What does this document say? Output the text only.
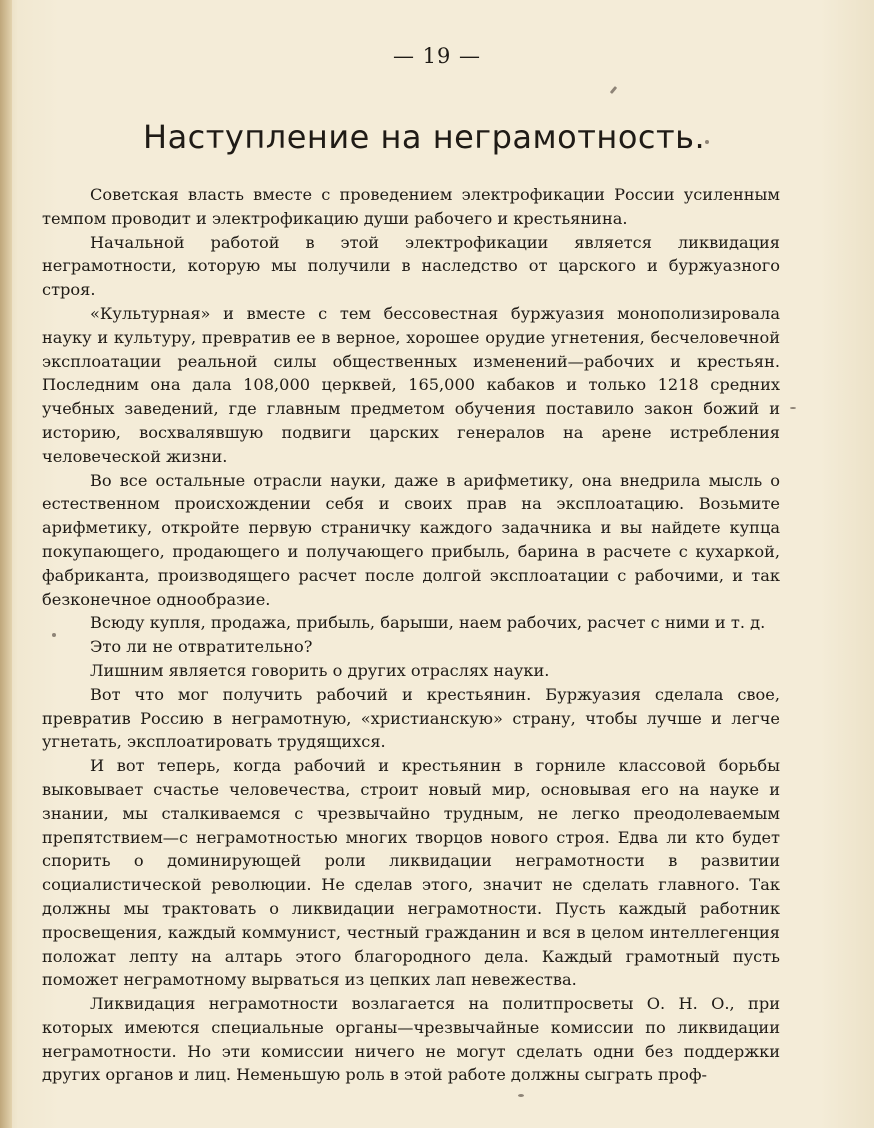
— 19 —
Наступление на неграмотность.

Советская власть вместе с проведением электрофикации России усиленным темпом проводит и электрофикацию души рабочего и крестьянина.

Начальной работой в этой электрофикации является ликвидация неграмотности, которую мы получили в наследство от царского и буржуазного строя.

«Культурная» и вместе с тем бессовестная буржуазия монополизировала науку и культуру, превратив ее в верное, хорошее орудие угнетения, бесчеловечной эксплоатации реальной силы общественных изменений—рабочих и крестьян. Последним она дала 108,000 церквей, 165,000 кабаков и только 1218 средних учебных заведений, где главным предметом обучения поставило закон божий и историю, восхвалявшую подвиги царских генералов на арене истребления человеческой жизни.

Во все остальные отрасли науки, даже в арифметику, она внедрила мысль о естественном происхождении себя и своих прав на эксплоатацию. Возьмите арифметику, откройте первую страничку каждого задачника и вы найдете купца покупающего, продающего и получающего прибыль, барина в расчете с кухаркой, фабриканта, производящего расчет после долгой эксплоатации с рабочими, и так безконечное однообразие.

Всюду купля, продажа, прибыль, барыши, наем рабочих, расчет с ними и т. д.

Это ли не отвратительно?

Лишним является говорить о других отраслях науки.

Вот что мог получить рабочий и крестьянин. Буржуазия сделала свое, превратив Россию в неграмотную, «христианскую» страну, чтобы лучше и легче угнетать, эксплоатировать трудящихся.

И вот теперь, когда рабочий и крестьянин в горниле классовой борьбы выковывает счастье человечества, строит новый мир, основывая его на науке и знании, мы сталкиваемся с чрезвычайно трудным, не легко преодолеваемым препятствием—с неграмотностью многих творцов нового строя. Едва ли кто будет спорить о доминирующей роли ликвидации неграмотности в развитии социалистической революции. Не сделав этого, значит не сделать главного. Так должны мы трактовать о ликвидации неграмотности. Пусть каждый работник просвещения, каждый коммунист, честный гражданин и вся в целом интеллегенция положат лепту на алтарь этого благородного дела. Каждый грамотный пусть поможет неграмотному вырваться из цепких лап невежества.

Ликвидация неграмотности возлагается на политпросветы О. Н. О., при которых имеются специальные органы—чрезвычайные комиссии по ликвидации неграмотности. Но эти комиссии ничего не могут сделать одни без поддержки других органов и лиц. Неменьшую роль в этой работе должны сыграть проф-
